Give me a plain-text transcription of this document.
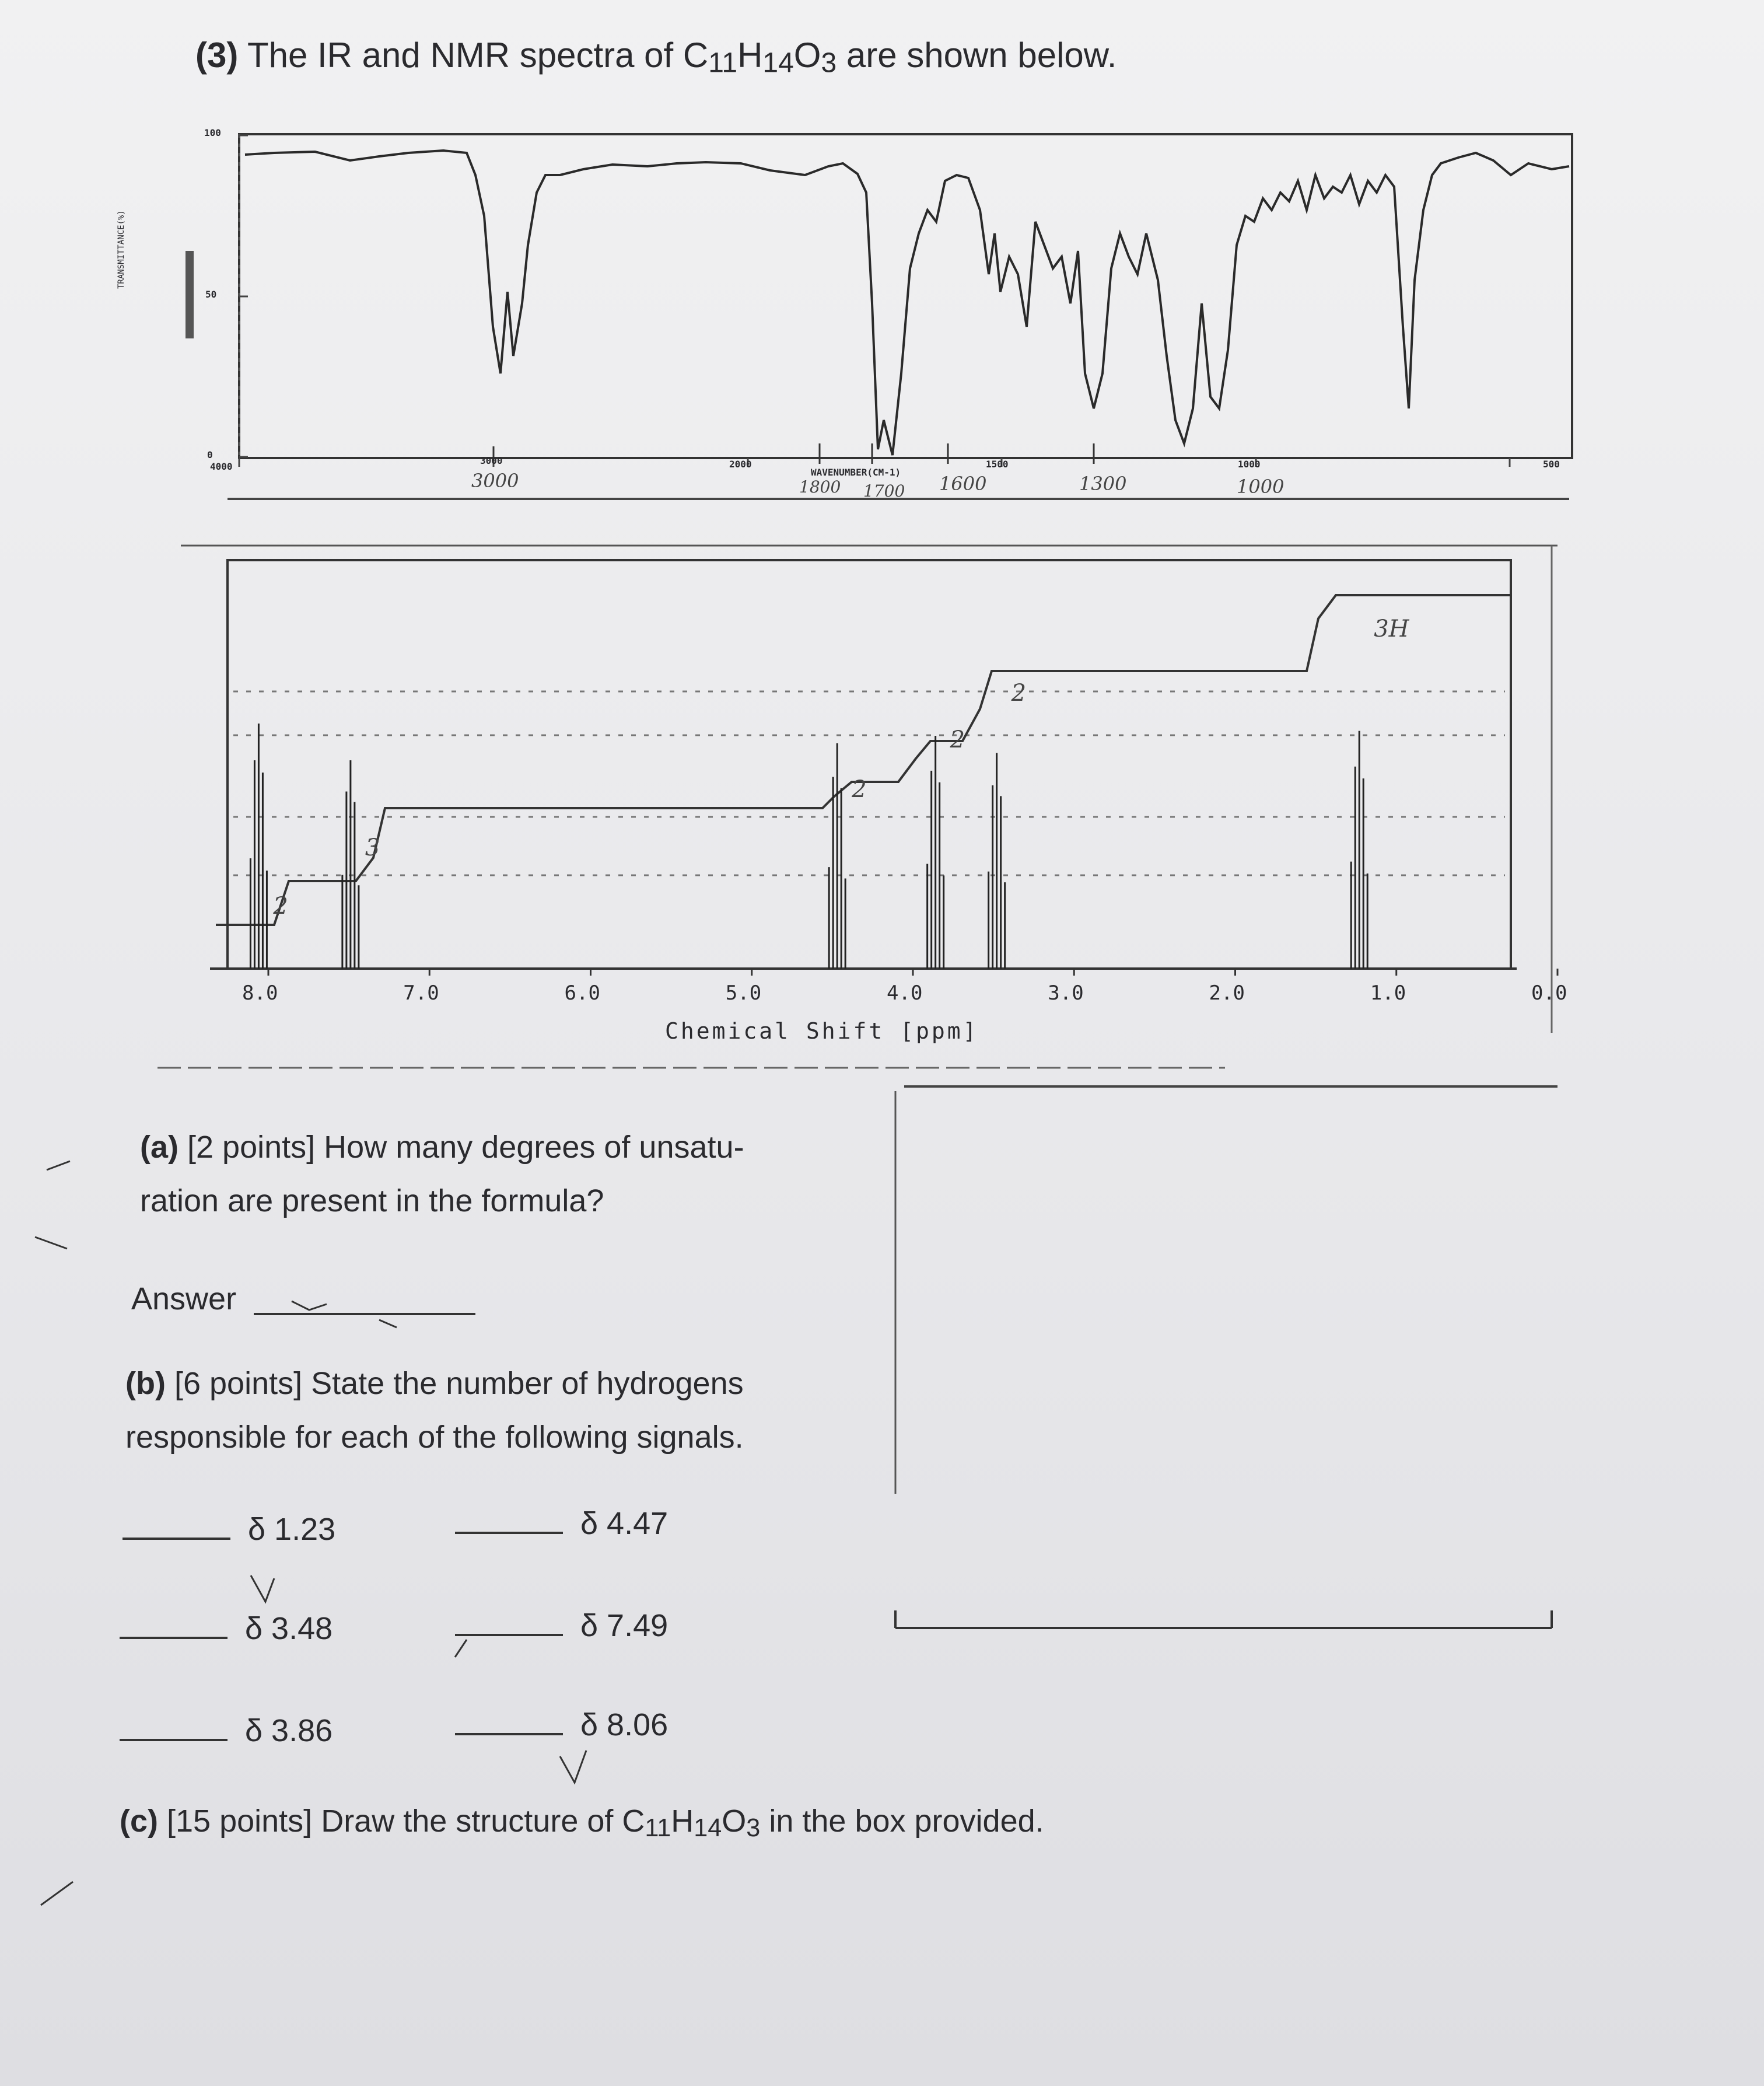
(3) The IR and NMR spectra of C11H14O3 are shown below.
100
50
0
TRANSMITTANCE(%)
4000
3000	2000	1500	1000	500
WAVENUMBER(CM-1)
3000	1800 1700 1600	1300	1000
8.0	7.0	6.0	5.0	4.0	3.0	2.0	1.0	0.0
2
3
2
2
2
3H
Chemical Shift [ppm]
(a) [2 points] How many degrees of unsatu-
ration are present in the formula?
Answer
(b) [6 points] State the number of hydrogens
responsible for each of the following signals.
δ 1.23	δ 4.47
δ 3.48	δ 7.49
δ 3.86	δ 8.06
(c) [15 points] Draw the structure of C11H14O3 in the box provided.
